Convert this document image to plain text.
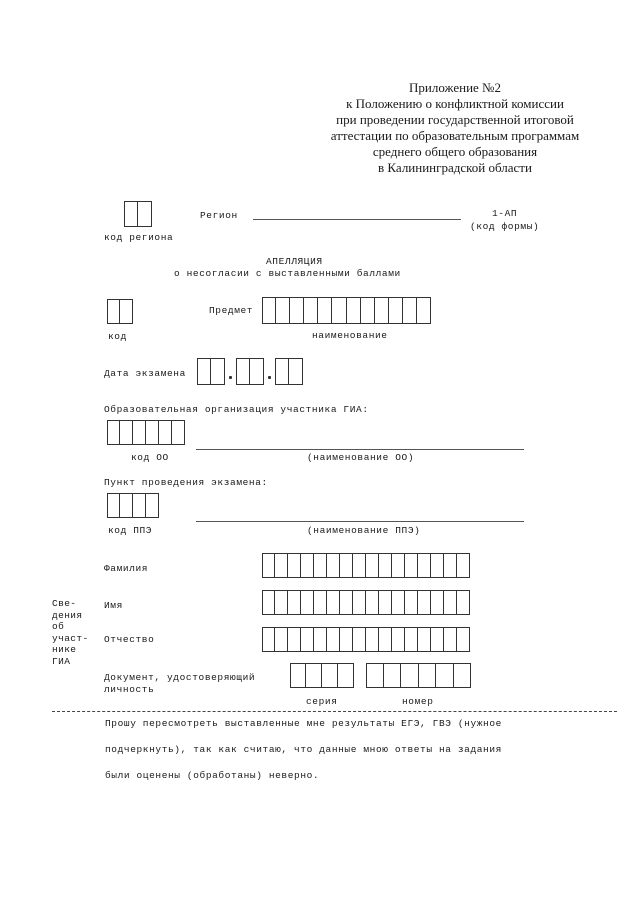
Приложение №2
к Положению о конфликтной комиссии
при проведении государственной итоговой
аттестации по образовательным программам
среднего общего образования
в Калининградской области
код региона
Регион	1-АП
(код формы)
АПЕЛЛЯЦИЯ
о несогласии с выставленными баллами
код
Предмет
наименование
Дата экзамена
Образовательная организация участника ГИА:
код ОО	(наименование ОО)
Пункт проведения экзамена:
код ППЭ	(наименование ППЭ)
Све-
дения
об
участ-
нике
ГИА
Фамилия
Имя
Отчество
Документ, удостоверяющий
личность
серия	номер
Прошу пересмотреть выставленные мне результаты ЕГЭ, ГВЭ (нужное
подчеркнуть), так как считаю, что данные мною ответы на задания
были оценены (обработаны) неверно.
